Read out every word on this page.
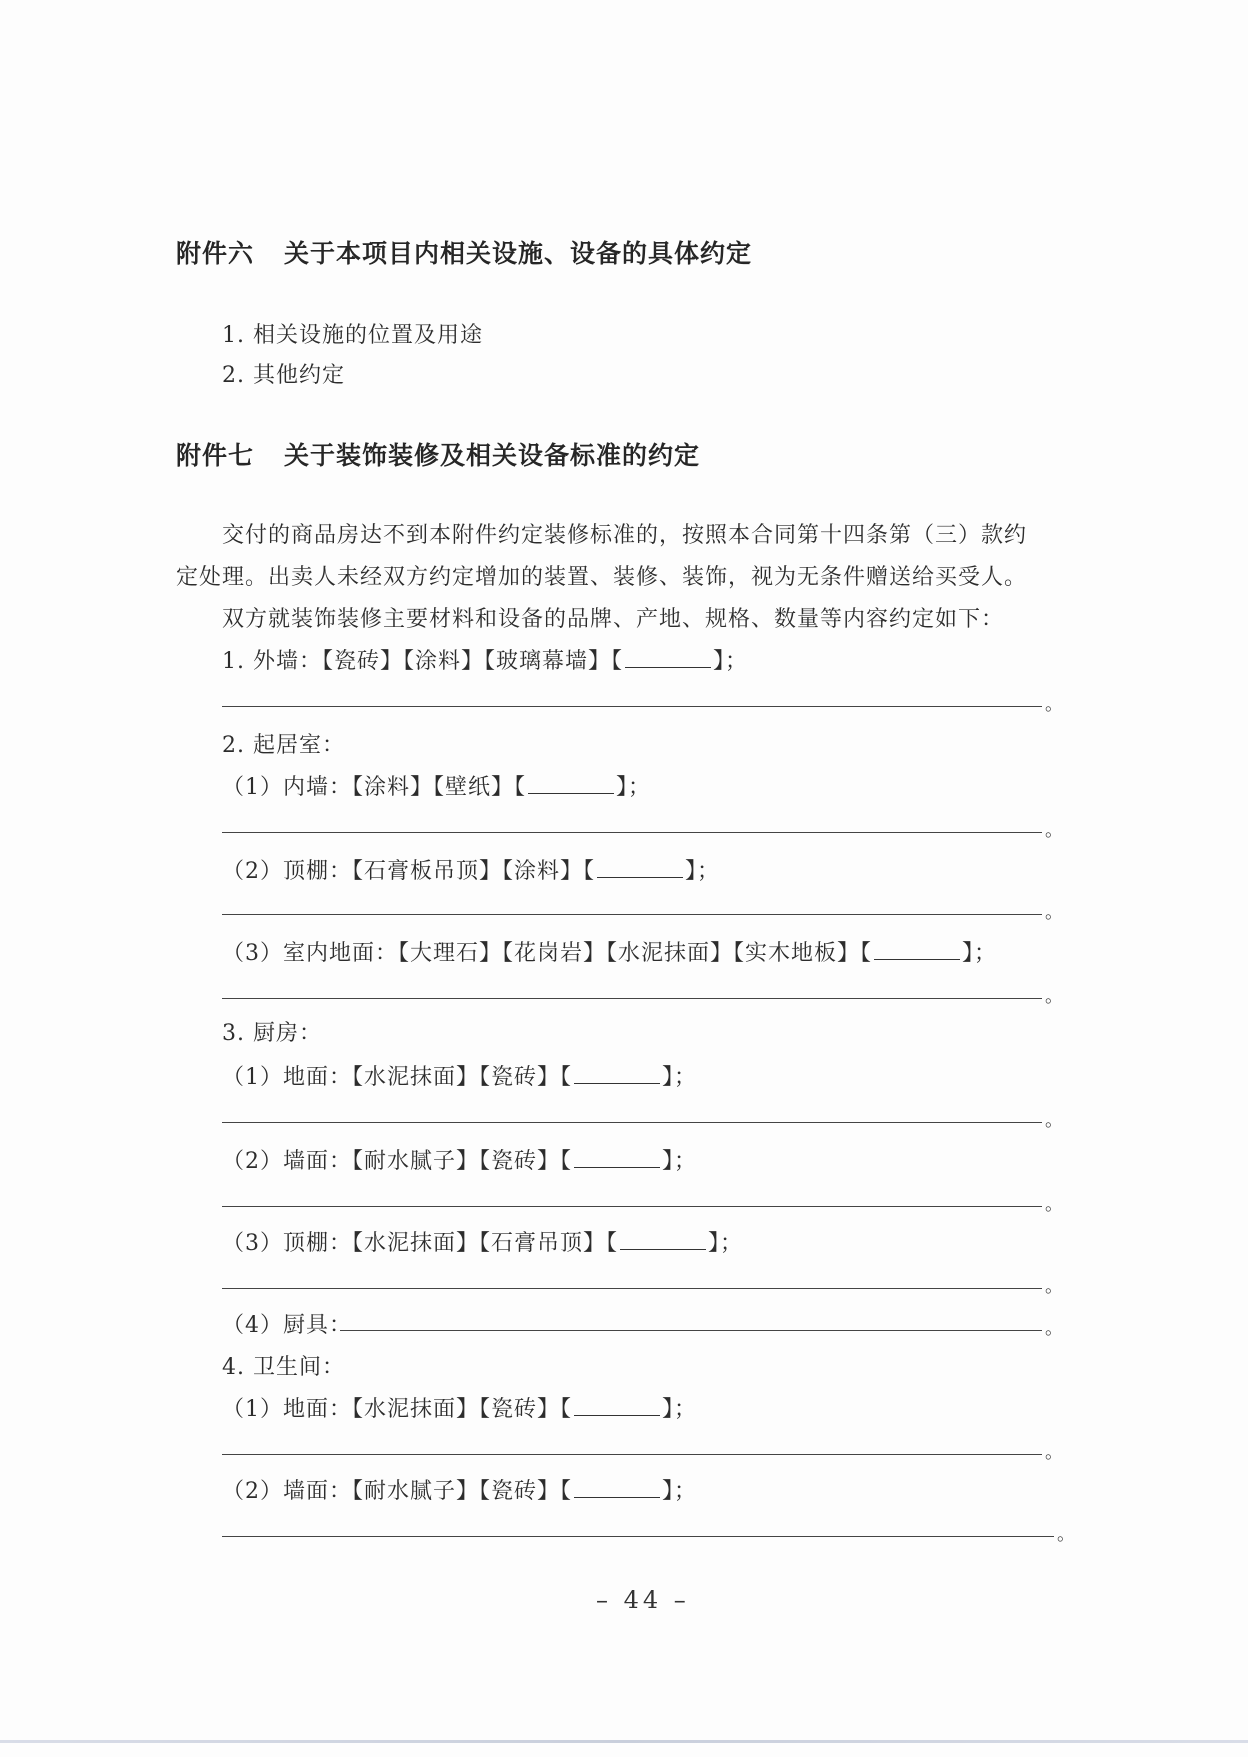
附件六 关于本项目内相关设施、设备的具体约定
1. 相关设施的位置及用途
2. 其他约定
附件七 关于装饰装修及相关设备标准的约定
交付的商品房达不到本附件约定装修标准的，按照本合同第十四条第（三）款约
定处理。出卖人未经双方约定增加的装置、装修、装饰，视为无条件赠送给买受人。
双方就装饰装修主要材料和设备的品牌、产地、规格、数量等内容约定如下：
1. 外墙：【瓷砖】【涂料】【玻璃幕墙】【	】；
。
2. 起居室：
（1）内墙：【涂料】【壁纸】【	】；
。
（2）顶棚：【石膏板吊顶】【涂料】【	】；
。
（3）室内地面：【大理石】【花岗岩】【水泥抹面】【实木地板】【	】；
。
3. 厨房：
（1）地面：【水泥抹面】【瓷砖】【	】；
。
（2）墙面：【耐水腻子】【瓷砖】【	】；
。
（3）顶棚：【水泥抹面】【石膏吊顶】【	】；
。
（4）厨具：	。
4. 卫生间：
（1）地面：【水泥抹面】【瓷砖】【	】；
。
（2）墙面：【耐水腻子】【瓷砖】【	】；
。
– 44 –
